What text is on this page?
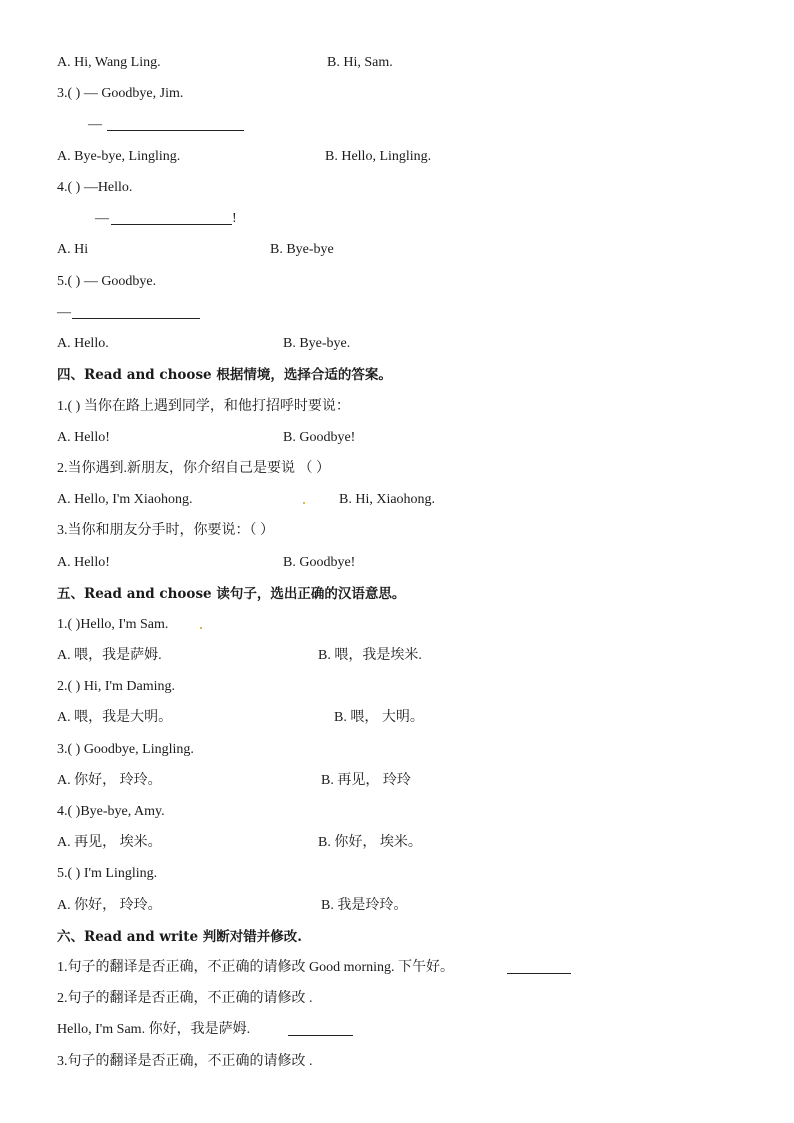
A. Hi, Wang Ling.	B. Hi, Sam.
3.( ) — Goodbye, Jim.
—
A. Bye-bye, Lingling.	B. Hello, Lingling.
4.( ) —Hello.
—	!
A. Hi	B. Bye-bye
5.( ) — Goodbye.
—
A. Hello.	B. Bye-bye.
四、Read and choose 根据情境，选择合适的答案。
1.( ) 当你在路上遇到同学，和他打招呼时要说：
A. Hello!	B. Goodbye!
2.当你遇到.新朋友，你介绍自己是要说 （ ）
A. Hello, I'm Xiaohong.	B. Hi, Xiaohong.
3.当你和朋友分手时，你要说：（ ）
A. Hello!	B. Goodbye!
五、Read and choose 读句子，选出正确的汉语意思。
1.( )Hello, I'm Sam.
A. 喂，我是萨姆.	B. 喂，我是埃米.
2.( ) Hi, I'm Daming.
A. 喂，我是大明。	B. 喂， 大明。
3.( ) Goodbye, Lingling.
A. 你好， 玲玲。	B. 再见， 玲玲
4.( )Bye-bye, Amy.
A. 再见， 埃米。	B. 你好， 埃米。
5.( ) I'm Lingling.
A. 你好， 玲玲。	B. 我是玲玲。
六、Read and write 判断对错并修改.
1.句子的翻译是否正确，不正确的请修改 Good morning. 下午好。
2.句子的翻译是否正确，不正确的请修改 .
Hello, I'm Sam. 你好，我是萨姆.
3.句子的翻译是否正确，不正确的请修改 .
